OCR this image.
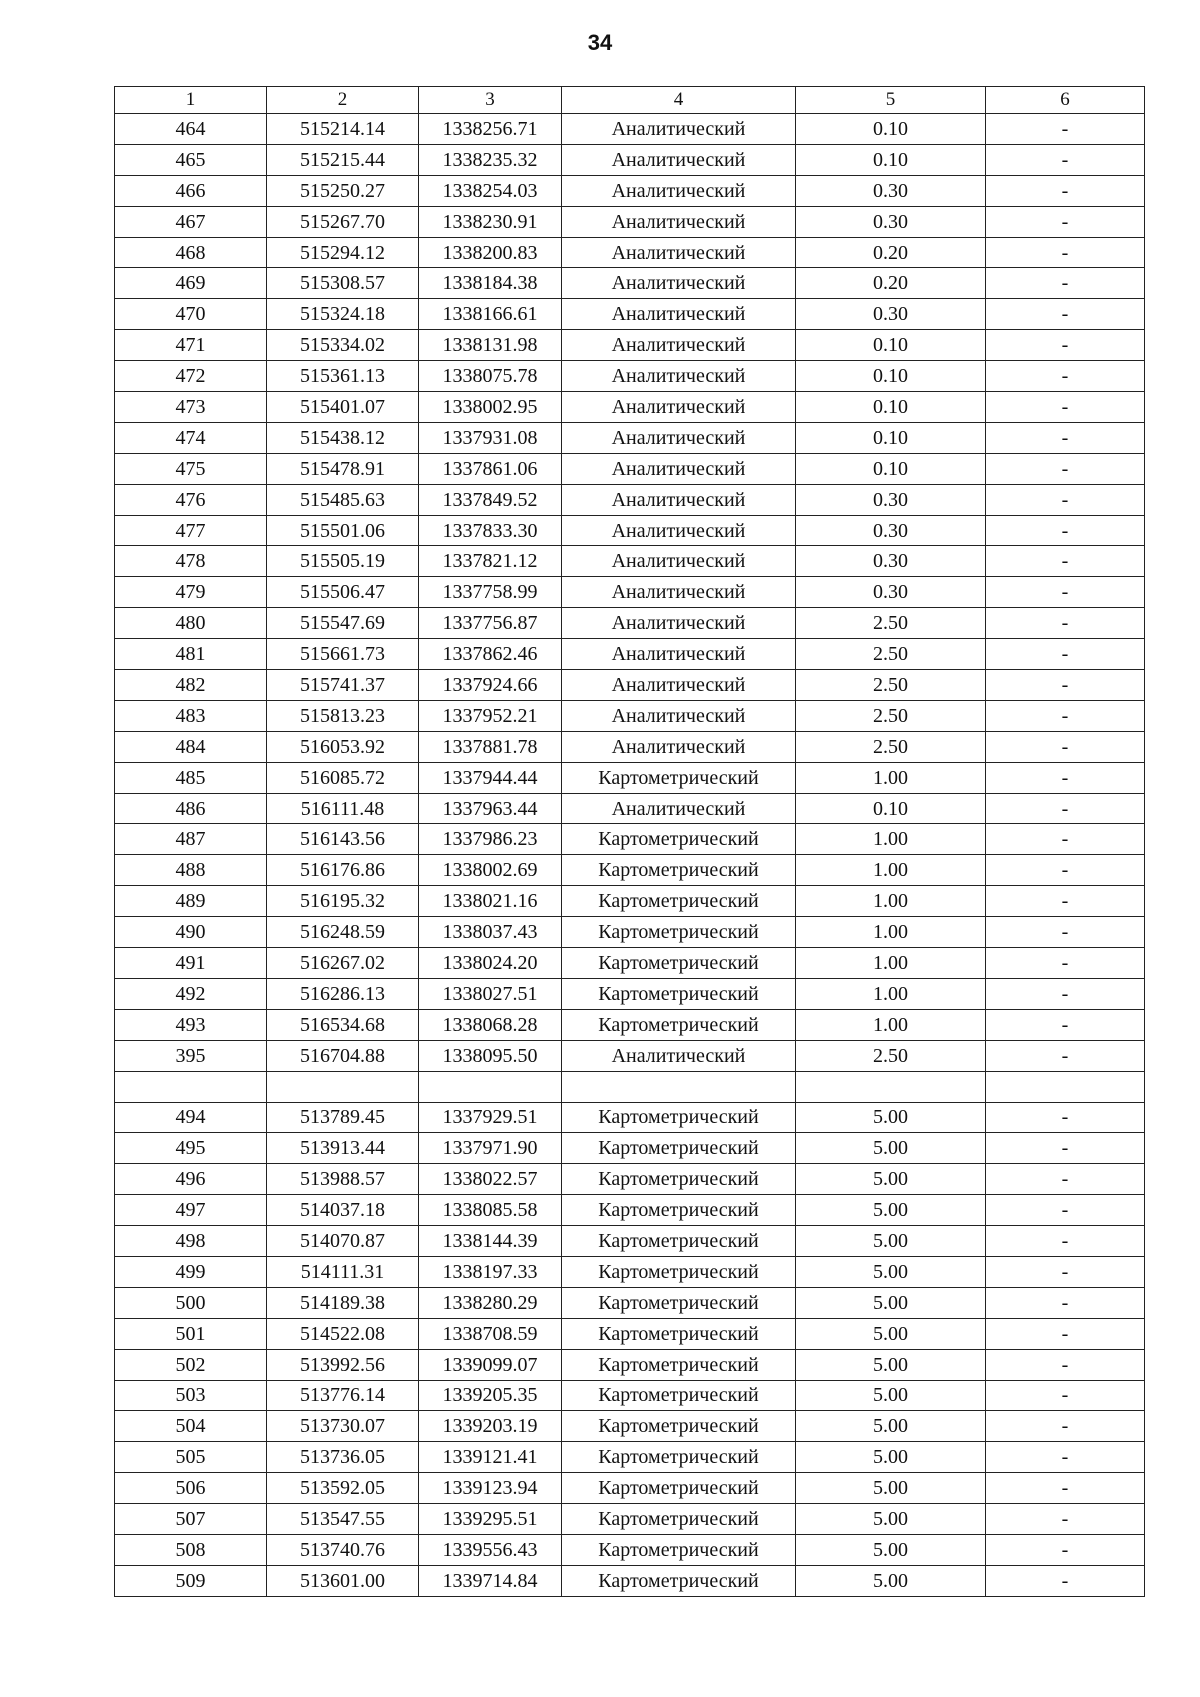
34
1	2	3	4	5	6
464	515214.14	1338256.71	Аналитический	0.10	-
465	515215.44	1338235.32	Аналитический	0.10	-
466	515250.27	1338254.03	Аналитический	0.30	-
467	515267.70	1338230.91	Аналитический	0.30	-
468	515294.12	1338200.83	Аналитический	0.20	-
469	515308.57	1338184.38	Аналитический	0.20	-
470	515324.18	1338166.61	Аналитический	0.30	-
471	515334.02	1338131.98	Аналитический	0.10	-
472	515361.13	1338075.78	Аналитический	0.10	-
473	515401.07	1338002.95	Аналитический	0.10	-
474	515438.12	1337931.08	Аналитический	0.10	-
475	515478.91	1337861.06	Аналитический	0.10	-
476	515485.63	1337849.52	Аналитический	0.30	-
477	515501.06	1337833.30	Аналитический	0.30	-
478	515505.19	1337821.12	Аналитический	0.30	-
479	515506.47	1337758.99	Аналитический	0.30	-
480	515547.69	1337756.87	Аналитический	2.50	-
481	515661.73	1337862.46	Аналитический	2.50	-
482	515741.37	1337924.66	Аналитический	2.50	-
483	515813.23	1337952.21	Аналитический	2.50	-
484	516053.92	1337881.78	Аналитический	2.50	-
485	516085.72	1337944.44	Картометрический	1.00	-
486	516111.48	1337963.44	Аналитический	0.10	-
487	516143.56	1337986.23	Картометрический	1.00	-
488	516176.86	1338002.69	Картометрический	1.00	-
489	516195.32	1338021.16	Картометрический	1.00	-
490	516248.59	1338037.43	Картометрический	1.00	-
491	516267.02	1338024.20	Картометрический	1.00	-
492	516286.13	1338027.51	Картометрический	1.00	-
493	516534.68	1338068.28	Картометрический	1.00	-
395	516704.88	1338095.50	Аналитический	2.50	-

494	513789.45	1337929.51	Картометрический	5.00	-
495	513913.44	1337971.90	Картометрический	5.00	-
496	513988.57	1338022.57	Картометрический	5.00	-
497	514037.18	1338085.58	Картометрический	5.00	-
498	514070.87	1338144.39	Картометрический	5.00	-
499	514111.31	1338197.33	Картометрический	5.00	-
500	514189.38	1338280.29	Картометрический	5.00	-
501	514522.08	1338708.59	Картометрический	5.00	-
502	513992.56	1339099.07	Картометрический	5.00	-
503	513776.14	1339205.35	Картометрический	5.00	-
504	513730.07	1339203.19	Картометрический	5.00	-
505	513736.05	1339121.41	Картометрический	5.00	-
506	513592.05	1339123.94	Картометрический	5.00	-
507	513547.55	1339295.51	Картометрический	5.00	-
508	513740.76	1339556.43	Картометрический	5.00	-
509	513601.00	1339714.84	Картометрический	5.00	-
